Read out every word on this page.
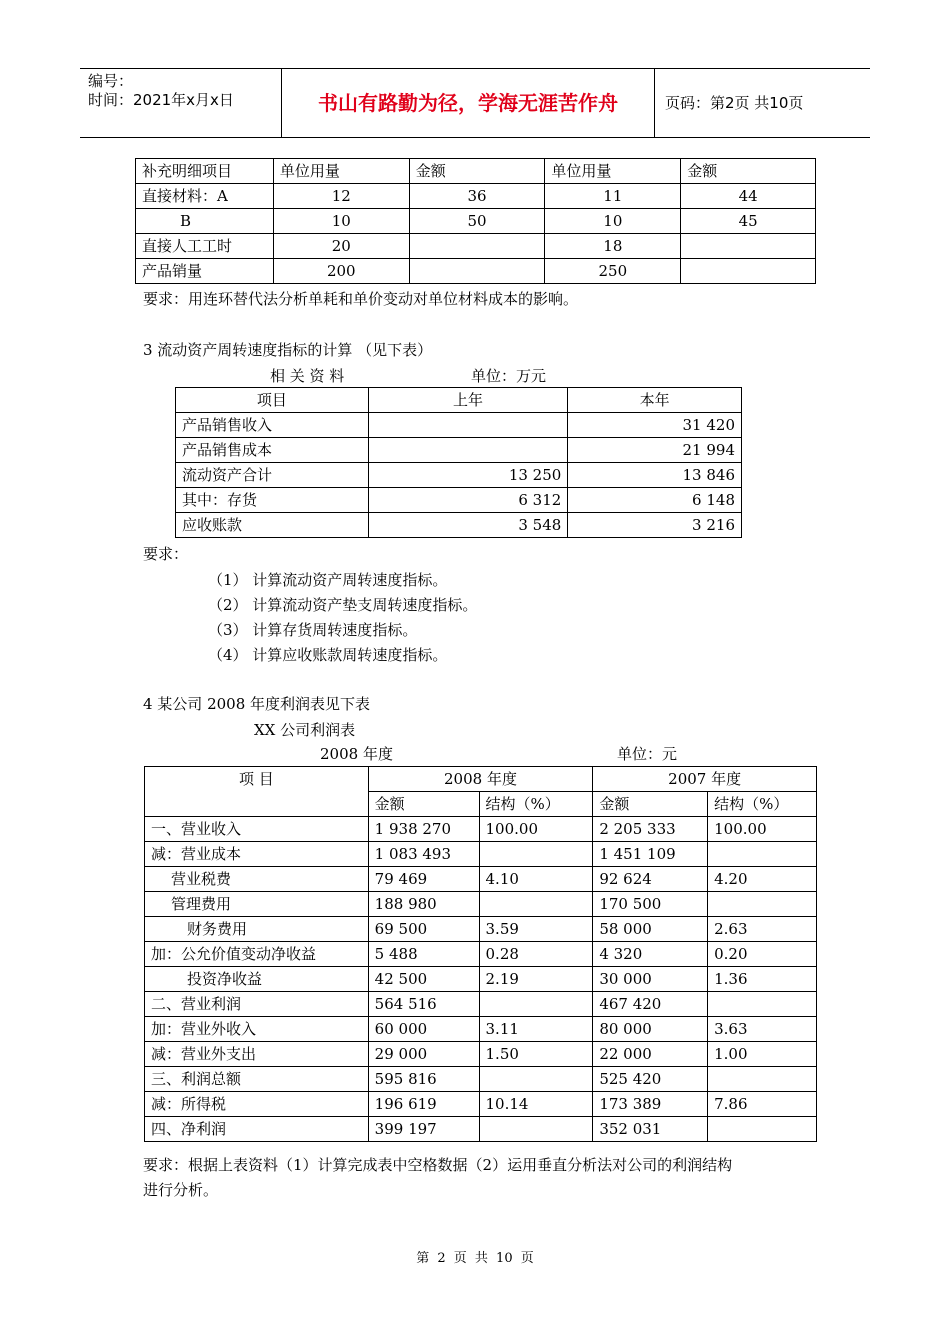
编号：
时间：2021年x月x日	书山有路勤为径，学海无涯苦作舟	页码：第2页 共10页
补充明细项目	单位用量	金额	单位用量	金额
直接材料：A	12	36	11	44
B	10	50	10	45
直接人工工时	20		18	
产品销量	200		250	
要求：用连环替代法分析单耗和单价变动对单位材料成本的影响。
3 流动资产周转速度指标的计算 （见下表）
相 关 资 料	单位：万元
项目	上年	本年
产品销售收入		31 420
产品销售成本		21 994
流动资产合计	13 250	13 846
其中：存货	6 312	6 148
应收账款	3 548	3 216
要求：
（1） 计算流动资产周转速度指标。
（2） 计算流动资产垫支周转速度指标。
（3） 计算存货周转速度指标。
（4） 计算应收账款周转速度指标。
4 某公司 2008 年度利润表见下表
XX 公司利润表
2008 年度	单位：元
项 目	2008 年度		2007 年度	
	金额	结构（%）	金额	结构（%）
一、营业收入	1 938 270	100.00	2 205 333	100.00
减：营业成本	1 083 493		1 451 109	
营业税费	79 469	4.10	92 624	4.20
管理费用	188 980		170 500	
财务费用	69 500	3.59	58 000	2.63
加：公允价值变动净收益	5 488	0.28	4 320	0.20
投资净收益	42 500	2.19	30 000	1.36
二、营业利润	564 516		467 420	
加：营业外收入	60 000	3.11	80 000	3.63
减：营业外支出	29 000	1.50	22 000	1.00
三、利润总额	595 816		525 420	
减：所得税	196 619	10.14	173 389	7.86
四、净利润	399 197		352 031	
要求：根据上表资料（1）计算完成表中空格数据（2）运用垂直分析法对公司的利润结构
进行分析。
第 2 页 共 10 页
